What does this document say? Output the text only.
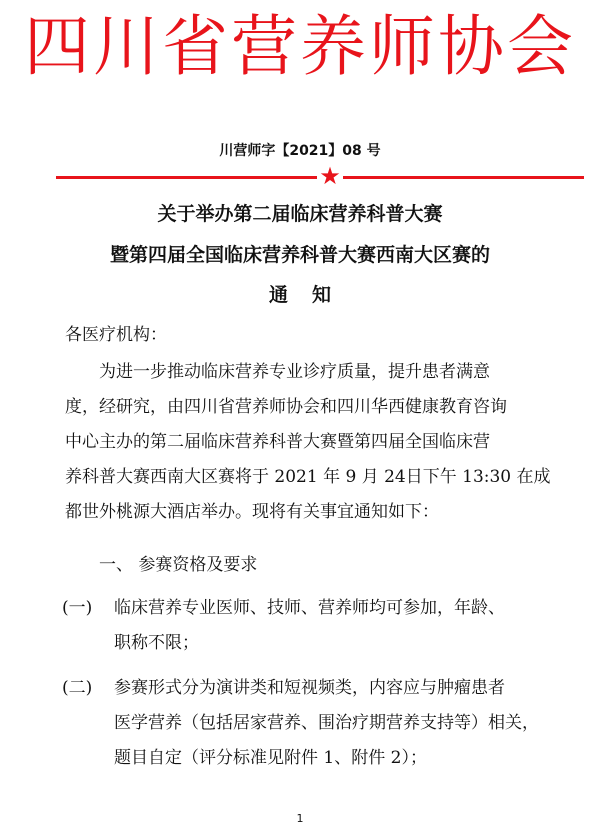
四川省营养师协会
川营师字【2021】08 号
★
关于举办第二届临床营养科普大赛
暨第四届全国临床营养科普大赛西南大区赛的
通知
各医疗机构：
　　为进一步推动临床营养专业诊疗质量，提升患者满意
度，经研究，由四川省营养师协会和四川华西健康教育咨询
中心主办的第二届临床营养科普大赛暨第四届全国临床营
养科普大赛西南大区赛将于 2021 年 9 月 24日下午 13:30 在成
都世外桃源大酒店举办。现将有关事宜通知如下：
　　一、 参赛资格及要求
(一) 临床营养专业医师、技师、营养师均可参加，年龄、
职称不限；
(二) 参赛形式分为演讲类和短视频类，内容应与肿瘤患者
医学营养（包括居家营养、围治疗期营养支持等）相关，
题目自定（评分标准见附件 1、附件 2）；
1
